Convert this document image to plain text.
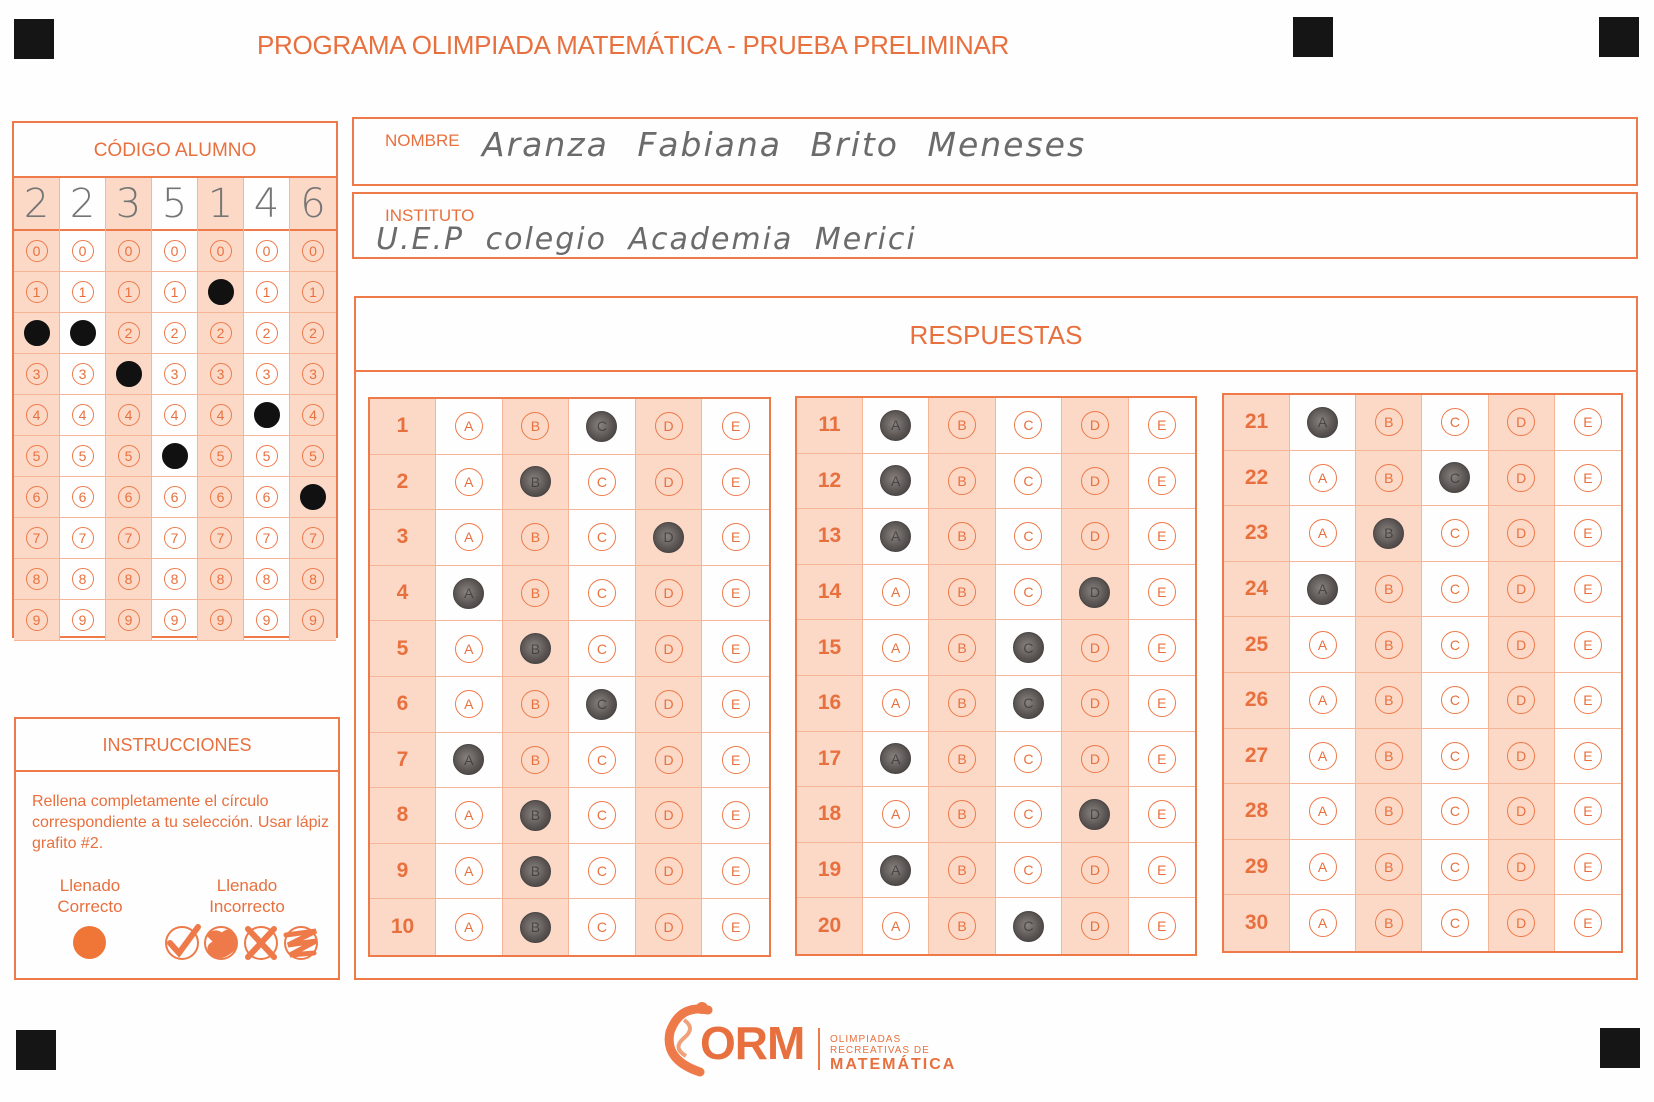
PROGRAMA OLIMPIADA MATEMÁTICA - PRUEBA PRELIMINAR
CÓDIGO ALUMNO
2
0
1
3
4
5
6
7
8
9
2
0
1
3
4
5
6
7
8
9
3
0
1
2
4
5
6
7
8
9
5
0
1
2
3
4
6
7
8
9
1
0
2
3
4
5
6
7
8
9
4
0
1
2
3
5
6
7
8
9
6
0
1
2
3
4
5
7
8
9
NOMBRE Aranza Fabiana Brito Meneses
INSTITUTO
U.E.P colegio Academia Merici
RESPUESTAS
1
2
3
4
5
6
7
8
9
10
A
A
A
A
A
A
A
A
A
A
B
B
B
B
B
B
B
B
B
B
C
C
C
C
C
C
C
C
C
C
D
D
D
D
D
D
D
D
D
D
E
E
E
E
E
E
E
E
E
E
11
12
13
14
15
16
17
18
19
20
A
A
A
A
A
A
A
A
A
A
B
B
B
B
B
B
B
B
B
B
C
C
C
C
C
C
C
C
C
C
D
D
D
D
D
D
D
D
D
D
E
E
E
E
E
E
E
E
E
E
21
22
23
24
25
26
27
28
29
30
A
A
A
A
A
A
A
A
A
A
B
B
B
B
B
B
B
B
B
B
C
C
C
C
C
C
C
C
C
C
D
D
D
D
D
D
D
D
D
D
E
E
E
E
E
E
E
E
E
E
INSTRUCCIONES
Rellena completamente el círculo correspondiente a tu selección. Usar lápiz grafito #2.
Llenado
Correcto
Llenado
Incorrecto
ORM	OLIMPIADAS
RECREATIVAS DE
MATEMÁTICA
